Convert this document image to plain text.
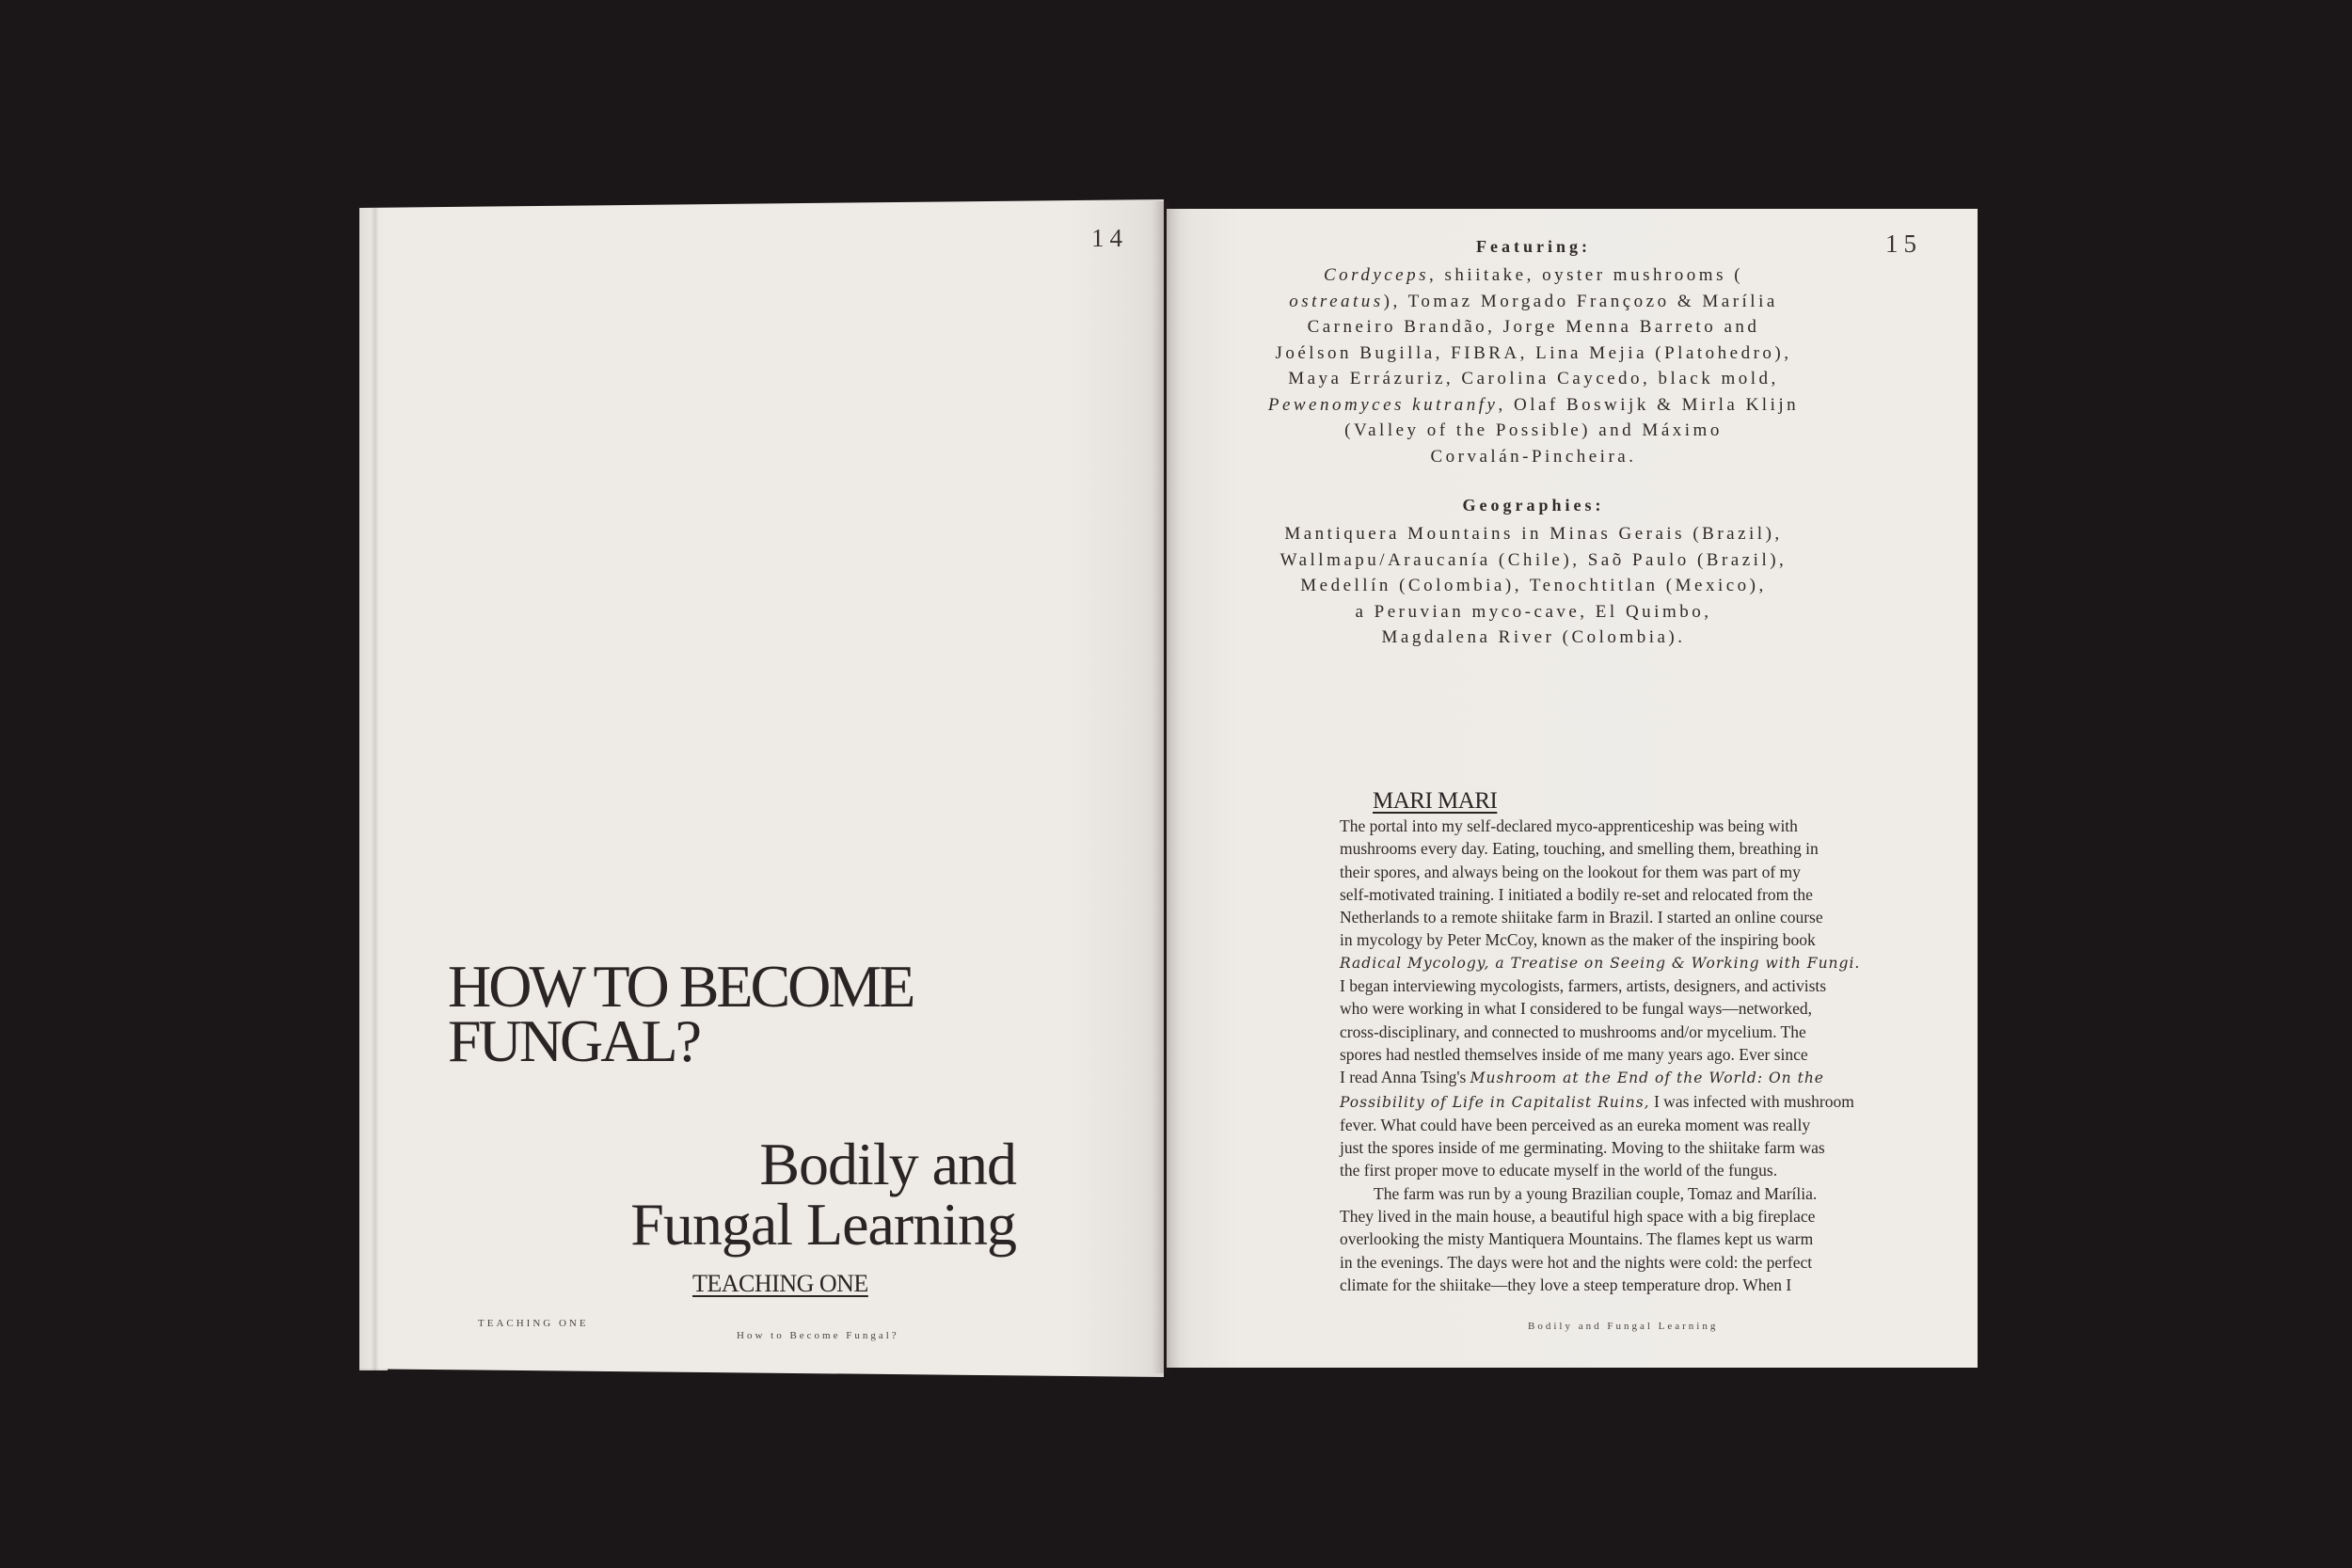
14
HOW TO BECOME
FUNGAL?
Bodily and
Fungal Learning
TEACHING ONE
TEACHING ONE
How to Become Fungal?
15
Featuring:

Cordyceps, shiitake, oyster mushrooms (
ostreatus), Tomaz Morgado Françozo & Marília
Carneiro Brandão, Jorge Menna Barreto and
Joélson Bugilla, FIBRA, Lina Mejia (Platohedro),
Maya Errázuriz, Carolina Caycedo, black mold,
Pewenomyces kutranfy, Olaf Boswijk & Mirla Klijn
(Valley of the Possible) and Máximo
Corvalán-Pincheira.

Geographies:

Mantiquera Mountains in Minas Gerais (Brazil),
Wallmapu/Araucanía (Chile), Saõ Paulo (Brazil),
Medellín (Colombia), Tenochtitlan (Mexico),
a Peruvian myco-cave, El Quimbo,
Magdalena River (Colombia).

MARI MARI

The portal into my self-declared myco-apprenticeship was being with
mushrooms every day. Eating, touching, and smelling them, breathing in
their spores, and always being on the lookout for them was part of my
self-motivated training. I initiated a bodily re-set and relocated from the
Netherlands to a remote shiitake farm in Brazil. I started an online course
in mycology by Peter McCoy, known as the maker of the inspiring book
Radical Mycology, a Treatise on Seeing & Working with Fungi.
I began interviewing mycologists, farmers, artists, designers, and activists
who were working in what I considered to be fungal ways—networked,
cross-disciplinary, and connected to mushrooms and/or mycelium. The
spores had nestled themselves inside of me many years ago. Ever since
I read Anna Tsing's Mushroom at the End of the World: On the
Possibility of Life in Capitalist Ruins, I was infected with mushroom
fever. What could have been perceived as an eureka moment was really
just the spores inside of me germinating. Moving to the shiitake farm was
the first proper move to educate myself in the world of the fungus.
The farm was run by a young Brazilian couple, Tomaz and Marília.
They lived in the main house, a beautiful high space with a big fireplace
overlooking the misty Mantiquera Mountains. The flames kept us warm
in the evenings. The days were hot and the nights were cold: the perfect
climate for the shiitake—they love a steep temperature drop. When I

Bodily and Fungal Learning
